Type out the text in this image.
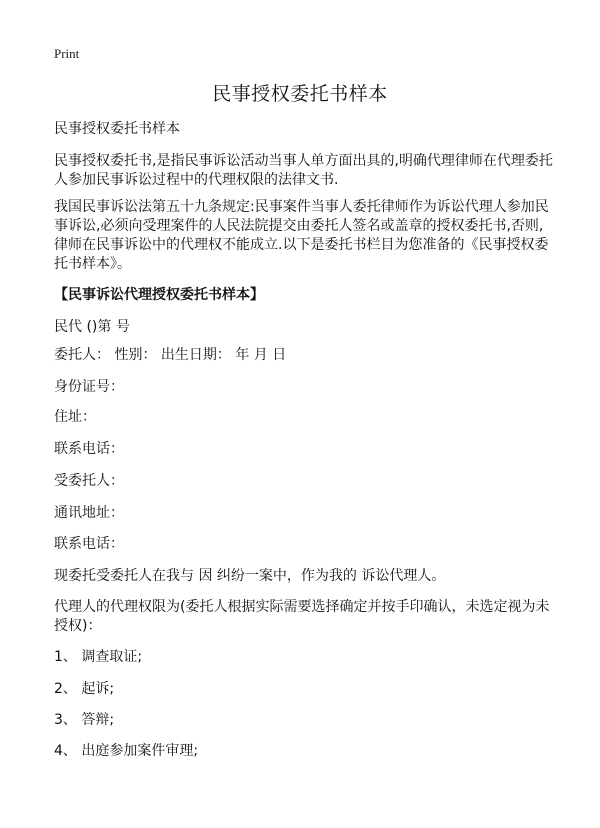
Print
民事授权委托书样本

民事授权委托书样本

民事授权委托书,是指民事诉讼活动当事人单方面出具的,明确代理律师在代理委托人参加民事诉讼过程中的代理权限的法律文书.

我国民事诉讼法第五十九条规定:民事案件当事人委托律师作为诉讼代理人参加民事诉讼,必须向受理案件的人民法院提交由委托人签名或盖章的授权委托书,否则,律师在民事诉讼中的代理权不能成立.以下是委托书栏目为您准备的《民事授权委托书样本》。

【民事诉讼代理授权委托书样本】

民代 ()第 号

委托人： 性别： 出生日期： 年 月 日

身份证号：

住址：

联系电话：

受委托人：

通讯地址：

联系电话：

现委托受委托人在我与 因 纠纷一案中，作为我的 诉讼代理人。

代理人的代理权限为(委托人根据实际需要选择确定并按手印确认，未选定视为未授权)：

1、 调查取证;

2、 起诉;

3、 答辩;

4、 出庭参加案件审理;
